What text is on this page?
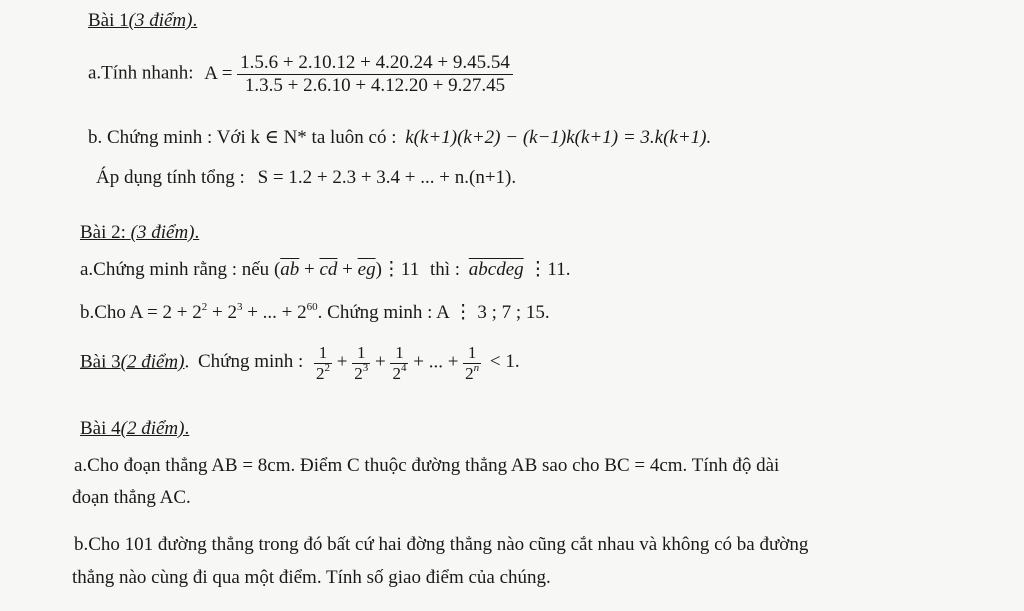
Bài 1(3 điểm).
a.Tính nhanh: $A = \frac{1.5.6 + 2.10.12 + 4.20.24 + 9.45.54}{1.3.5 + 2.6.10 + 4.12.20 + 9.27.45}$
b. Chứng minh : Với k ∈ N* ta luôn có : k(k+1)(k+2) − (k−1)k(k+1) = 3.k(k+1).
Áp dụng tính tổng : S = 1.2 + 2.3 + 3.4 + ... + n.(n+1).
Bài 2: (3 điểm).
a.Chứng minh rằng : nếu ($\overline{ab} + \overline{cd}$ + $\overline{eg})⋮11$ thì : abcdeg ⋮11.
b.Cho $A = 2 + 2^2 + 2^3$ + ... + $2^{60}$. Chứng minh : A ⋮ 3 ; 7 ; 15.
Bài 3(2 điểm). Chứng minh : $\frac{1}{2^2} + \frac{1}{2^3} + \frac{1}{2^4}$ + ... + $\frac{1}{2^n} < 1$.
Bài 4(2 điểm).
a.Cho đoạn thẳng AB = 8cm. Điểm C thuộc đường thẳng AB sao cho BC = 4cm. Tính độ dài
đoạn thẳng AC.
b.Cho 101 đường thẳng trong đó bất cứ hai đờng thẳng nào cũng cắt nhau và không có ba đường
thẳng nào cùng đi qua một điểm. Tính số giao điểm của chúng.
